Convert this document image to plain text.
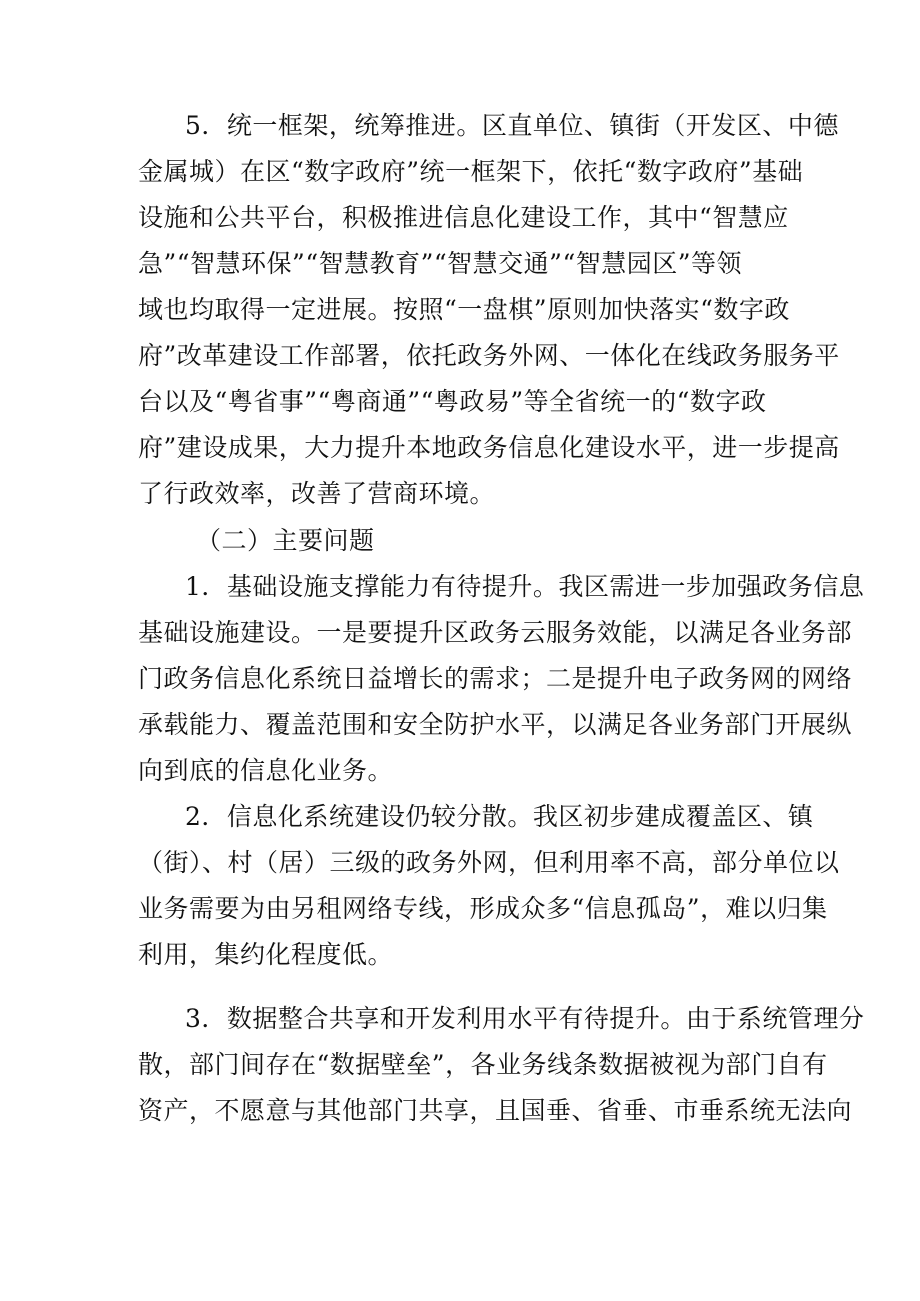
5．统一框架，统筹推进。区直单位、镇街（开发区、中德
金属城）在区“数字政府”统一框架下，依托“数字政府”基础
设施和公共平台，积极推进信息化建设工作，其中“智慧应
急”“智慧环保”“智慧教育”“智慧交通”“智慧园区”等领
域也均取得一定进展。按照“一盘棋”原则加快落实“数字政
府”改革建设工作部署，依托政务外网、一体化在线政务服务平
台以及“粤省事”“粤商通”“粤政易”等全省统一的“数字政
府”建设成果，大力提升本地政务信息化建设水平，进一步提高
了行政效率，改善了营商环境。
（二）主要问题
1．基础设施支撑能力有待提升。我区需进一步加强政务信息
基础设施建设。一是要提升区政务云服务效能，以满足各业务部
门政务信息化系统日益增长的需求；二是提升电子政务网的网络
承载能力、覆盖范围和安全防护水平，以满足各业务部门开展纵
向到底的信息化业务。
2．信息化系统建设仍较分散。我区初步建成覆盖区、镇
（街）、村（居）三级的政务外网，但利用率不高，部分单位以
业务需要为由另租网络专线，形成众多“信息孤岛”，难以归集
利用，集约化程度低。
3．数据整合共享和开发利用水平有待提升。由于系统管理分
散，部门间存在“数据壁垒”，各业务线条数据被视为部门自有
资产，不愿意与其他部门共享，且国垂、省垂、市垂系统无法向
